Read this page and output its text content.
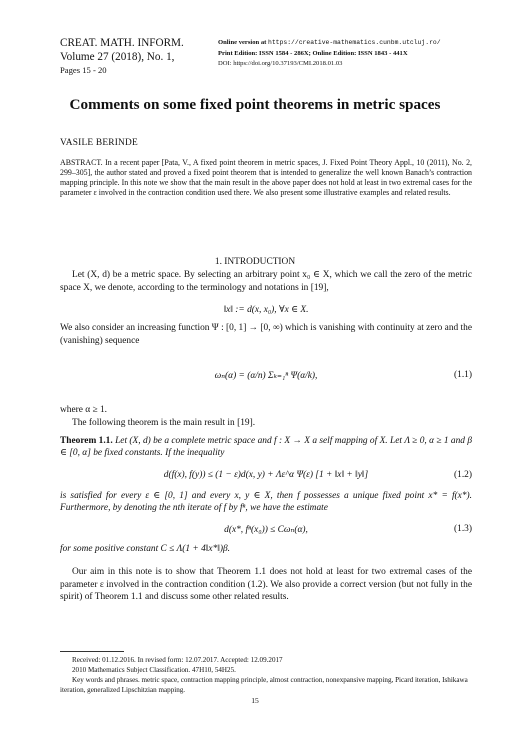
CREAT. MATH. INFORM.
Volume 27 (2018), No. 1,
Pages 15 - 20
Online version at https://creative-mathematics.cunbm.utcluj.ro/
Print Edition: ISSN 1584 - 286X; Online Edition: ISSN 1843 - 441X
DOI: https://doi.org/10.37193/CMI.2018.01.03
Comments on some fixed point theorems in metric spaces
VASILE BERINDE
ABSTRACT. In a recent paper [Pata, V., A fixed point theorem in metric spaces, J. Fixed Point Theory Appl., 10 (2011), No. 2, 299–305], the author stated and proved a fixed point theorem that is intended to generalize the well known Banach’s contraction mapping principle. In this note we show that the main result in the above paper does not hold at least in two extremal cases for the parameter ε involved in the contraction condition used there. We also present some illustrative examples and related results.
1. INTRODUCTION
Let (X, d) be a metric space. By selecting an arbitrary point x₀ ∈ X, which we call the zero of the metric space X, we denote, according to the terminology and notations in [19],
‖x‖ := d(x, x₀), ∀x ∈ X.
We also consider an increasing function Ψ : [0, 1] → [0, ∞) which is vanishing with continuity at zero and the (vanishing) sequence
ωₙ(α) = (α/n) Σₖ₌₁ⁿ Ψ(α/k),	(1.1)
where α ≥ 1.
The following theorem is the main result in [19].
Theorem 1.1. Let (X, d) be a complete metric space and f : X → X a self mapping of X. Let Λ ≥ 0, α ≥ 1 and β ∈ [0, α] be fixed constants. If the inequality
d(f(x), f(y)) ≤ (1 − ε)d(x, y) + Λε^α Ψ(ε) [1 + ‖x‖ + ‖y‖]	(1.2)
is satisfied for every ε ∈ [0, 1] and every x, y ∈ X, then f possesses a unique fixed point x* = f(x*). Furthermore, by denoting the nth iterate of f by fⁿ, we have the estimate
d(x*, fⁿ(x₀)) ≤ Cωₙ(α),	(1.3)
for some positive constant C ≤ Λ(1 + 4‖x*‖)β.
Our aim in this note is to show that Theorem 1.1 does not hold at least for two extremal cases of the parameter ε involved in the contraction condition (1.2). We also provide a correct version (but not fully in the spirit) of Theorem 1.1 and discuss some other related results.
Received: 01.12.2016. In revised form: 12.07.2017. Accepted: 12.09.2017
2010 Mathematics Subject Classification. 47H10, 54H25.
Key words and phrases. metric space, contraction mapping principle, almost contraction, nonexpansive mapping, Picard iteration, Ishikawa iteration, generalized Lipschitzian mapping.
15
